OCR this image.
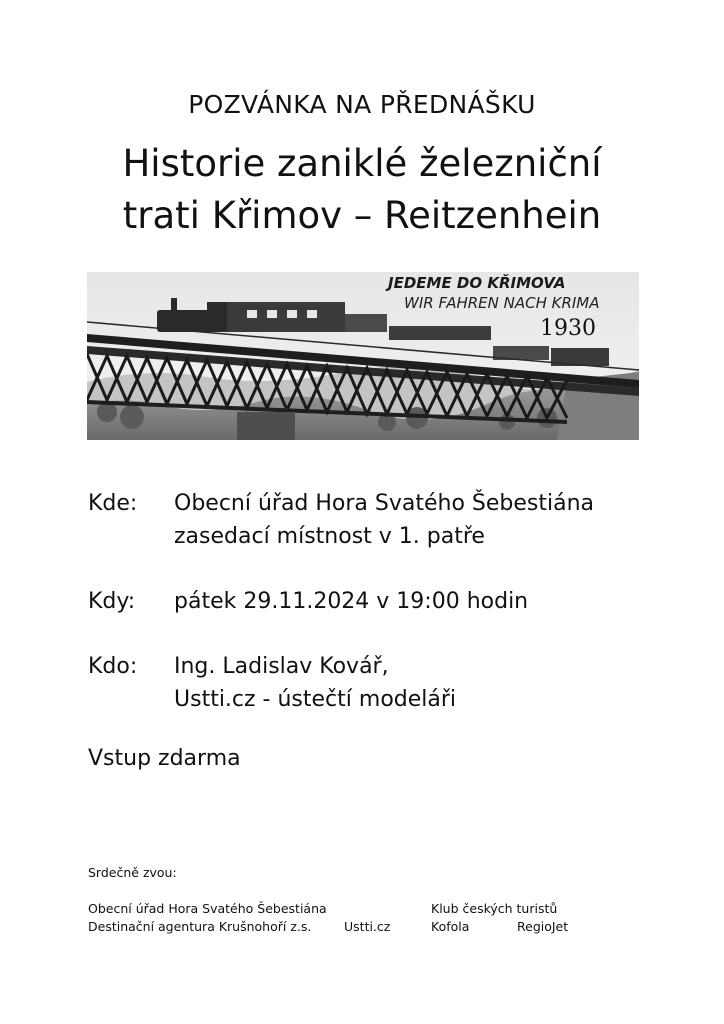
POZVÁNKA NA PŘEDNÁŠKU
Historie zaniklé železniční
trati Křimov – Reitzenhein
JEDEME DO KŘIMOVA
WIR FAHREN NACH KRIMA
1930
Kde: Obecní úřad Hora Svatého Šebestiána
zasedací místnost v 1. patře
Kdy: pátek 29.11.2024 v 19:00 hodin
Kdo: Ing. Ladislav Kovář,
Ustti.cz - ústečtí modeláři
Vstup zdarma
Srdečně zvou:
Obecní úřad Hora Svatého Šebestiána
Destinační agentura Krušnohoří z.s.	Ustti.cz
Klub českých turistů
Kofola	RegioJet
